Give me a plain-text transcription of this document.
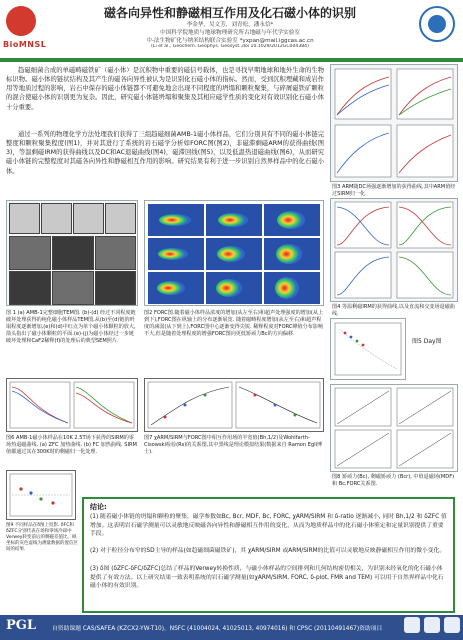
BioMNSL
磁各向异性和静磁相互作用及化石磁小体的识别
李金华，吴文芳，刘青松，潘永信*
中国科学院地质与地球物理研究所古地磁与年代学实验室
中-法生物矿化与纳米结构联合实验室 *yxpan@mail.iggcas.ac.cn
(Li et al., Geochem. Geophys. Geosyst.,doi 10.1029/2012GC004384)
趋磁细菌合成的单磁畴磁铁矿（磁小体）是沉积物中重要的磁信号载体，也是寻找早期地球和地外生命的生物标识物。磁小体的链状结构及其产生的磁各向异性被认为是识别化石磁小体的指标。然而，受到沉积埋藏和成岩作用等地质过程的影响，岩石中保存的磁小体链都不可避免地会出现不同程度的坍塌和颗粒聚集，与碎屑磁铁矿颗粒的混合使磁小体的识别更为复杂。因此，研究磁小体链坍塌和聚集及其相应磁学性质的变化对有效识别化石磁小体十分重要。
通过一系列的物理化学方法处理我们获得了三组趋磁细菌AMB-1磁小体样品，它们分别具有不同的磁小体链完整度和颗粒聚集程度(图1)，并对其进行了系统的岩石磁学分析如FORC图(图2)，非磁滞剩磁ARM的获得曲线(图3)，等温剩磁IRM的获得曲线以及DC和AC退磁曲线(图4)，磁滞回线(图5)，以及低温热退磁曲线(图6)，从而研究磁小体链的完整程度对其磁各向异性和静磁相互作用的影响。研究结果有利于进一步识别自然界样品中的化石磁小体。
图3 ARM随DC场强逐渐增加的获得曲线,其中ARM值经过SIRM归一化.
图4 等温剩磁IRM的获得曲线,以及直流和交变场退磁曲线.
图5 Day图
图8 矫顽力(Bc), 剩磁矫顽力 (Bcr), 中值退磁场(MDF)和 Bc,FORC关系图.
图 1 (a) AMB-1完整细胞TEM图. (b)-(d) 经过不同程度链破坏处理获得的纯化磁小体样品TEM图,从(b)至(d)链的坍塌程度逐渐增加,(e)和(d)中红点为单个磁小体颗粒的放大,箭头指出了磁小体颗粒的平面.(e)-(j)为磁小体经过一步链破坏处理和CaF2稀释(f)的处理后的典型SEM照片.
图2 FORC图.随着磁小体样品浓度的增加(从左至右)和超声处理强度的增加(从上到下),FORC图在纵轴上的分布逐渐展宽. 随着磁畴程度增加(从左至右)和超声程度的减弱(从下到上),FORC图中心逐渐变得尖锐. 稀释程度对FORC峰值分布影响不大,但是随着处理程度的增强FORC图向更低矫顽力Bc的方向偏移.
图6 AMB-1磁小体样品在10K 2.5T场下获得的SIRM的零场热退磁曲线. (a) ZFC 加热曲线. (b) FC 加热曲线. SIRM值都通过其在300K时的剩磁归一化处理.
图7 χARM/SIRM与FORC图中相互作用场的半宽值(Bh,1/2)及Wohlfarth-Cisowski检验(Rs)的关系图,其中黑线是理论模拟结果(数据来自 Ramon Egli博士).
图9 不同样品在δ图上投影. δFC和δZFC分别代表在场和零场冷却中Verwey转变前后的剩磁差值比，纵坐标的灰色虚线为测量数据的置信区间的结果.
结论:
(1) 随着磁小体链的坍塌和颗粒的聚集，磁学参数如Bc, Bcr, MDF, Bc, FORC, χARM/SIRM 和 δ-ratio 逐渐减小, 同时 Bh,1/2 和 δZFC 值增加。这表明岩石磁学测量可以灵敏地反映磁各向异性和静磁相互作用的变化，从而为地质样品中的化石磁小体鉴定和定量识别提供了重要手段。
(2) 对于粒径分布窄的SD主导的样品(如趋磁细菌磁铁矿)，其 χARM/SIRM 或ARM/SIRM的比值可以灵敏地反映静磁相互作用的微小变化。
(3) δ图 (δZFC-δFC/δZFC)总结了样品的Verwey转换性质，与磁小体样品的空间排列和几何结构密切相关，为识别未经氧化的化石磁小体提供了有效方法。以上研究结果一致表明系统的岩石磁学测量(如χARM/SIRM, FORC, δ-plot, FMR and TEM) 可以用于自然界样品中化石磁小体的有效识别。
PGL	自资助课题 CAS/SAFEA (KZCX2-YW-T10)，NSFC (41004024, 41025013, 40974016) 和 CPSC (20110491467)资助项目
